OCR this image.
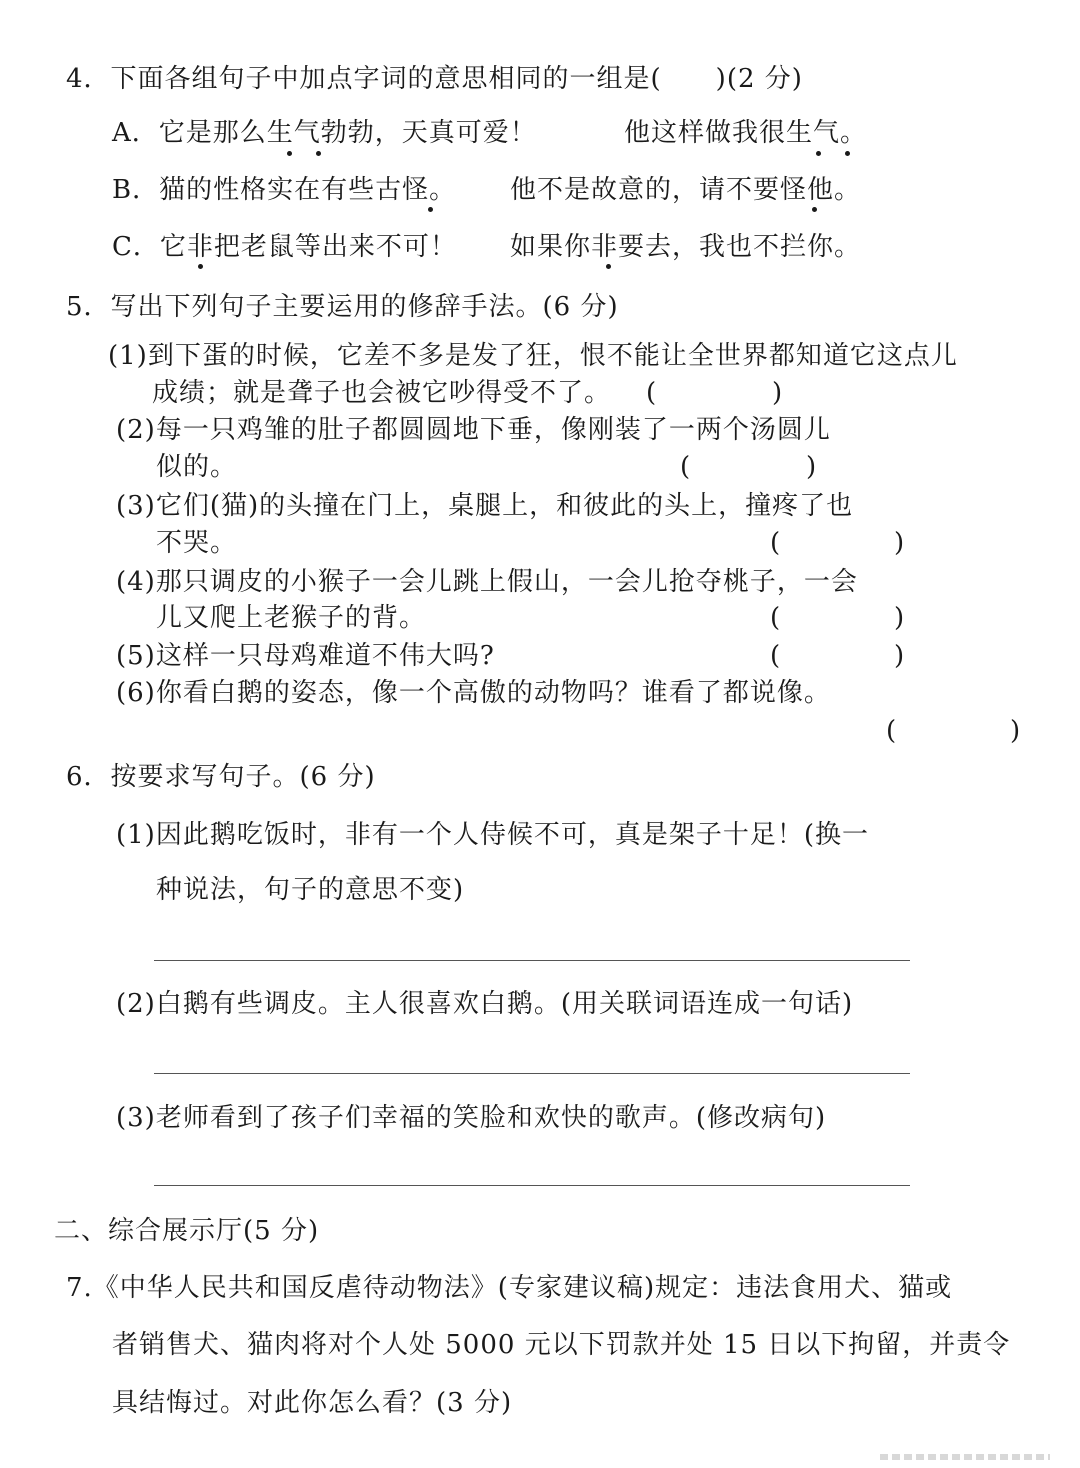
4．下面各组句子中加点字词的意思相同的一组是(　　)(2 分)
A．它是那么生气勃勃，天真可爱！	他这样做我很生气。
B．猫的性格实在有些古怪。 他不是故意的，请不要怪他。
C．它非把老鼠等出来不可！ 如果你非要去，我也不拦你。
5．写出下列句子主要运用的修辞手法。(6 分)
(1)到下蛋的时候，它差不多是发了狂，恨不能让全世界都知道它这点儿
成绩；就是聋子也会被它吵得受不了。 (	)
(2)每一只鸡雏的肚子都圆圆地下垂，像刚装了一两个汤圆儿
似的。	(	)
(3)它们(猫)的头撞在门上，桌腿上，和彼此的头上，撞疼了也
不哭。	(	)
(4)那只调皮的小猴子一会儿跳上假山，一会儿抢夺桃子，一会
儿又爬上老猴子的背。	(	)
(5)这样一只母鸡难道不伟大吗?	(	)
(6)你看白鹅的姿态，像一个高傲的动物吗？谁看了都说像。
(	)
6．按要求写句子。(6 分)
(1)因此鹅吃饭时，非有一个人侍候不可，真是架子十足！(换一
种说法，句子的意思不变)
(2)白鹅有些调皮。主人很喜欢白鹅。(用关联词语连成一句话)
(3)老师看到了孩子们幸福的笑脸和欢快的歌声。(修改病句)
二、综合展示厅(5 分)
7.《中华人民共和国反虐待动物法》(专家建议稿)规定：违法食用犬、猫或
者销售犬、猫肉将对个人处 5000 元以下罚款并处 15 日以下拘留，并责令
具结悔过。对此你怎么看？(3 分)
